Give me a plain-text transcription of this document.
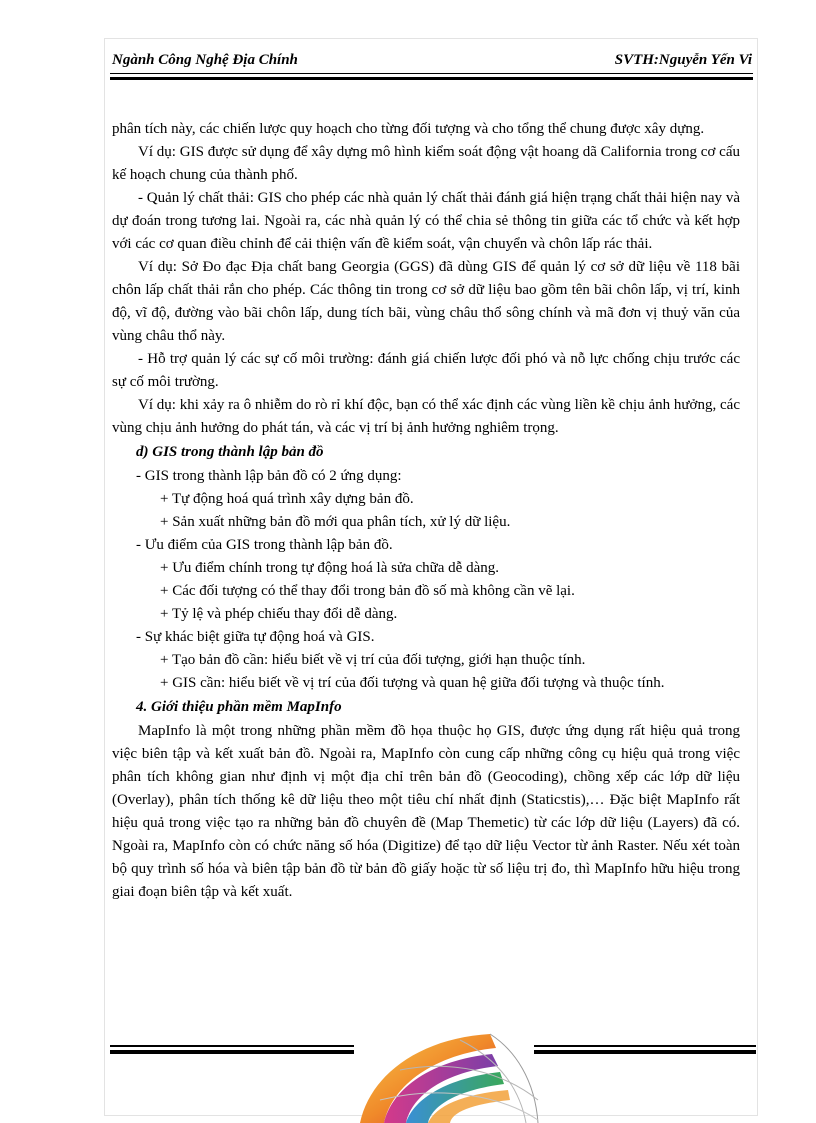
Ngành Công Nghệ Địa Chính	SVTH:Nguyễn Yến Vi

phân tích này, các chiến lược quy hoạch cho từng đối tượng và cho tổng thể chung được xây dựng.

Ví dụ: GIS được sử dụng để xây dựng mô hình kiểm soát động vật hoang dã California trong cơ cấu kế hoạch chung của thành phố.

- Quản lý chất thải: GIS cho phép các nhà quản lý chất thải đánh giá hiện trạng chất thải hiện nay và dự đoán trong tương lai. Ngoài ra, các nhà quản lý có thể chia sẻ thông tin giữa các tổ chức và kết hợp với các cơ quan điều chỉnh để cải thiện vấn đề kiểm soát, vận chuyển và chôn lấp rác thải.

Ví dụ: Sở Đo đạc Địa chất bang Georgia (GGS) đã dùng GIS để quản lý cơ sở dữ liệu về 118 bãi chôn lấp chất thải rắn cho phép. Các thông tin trong cơ sở dữ liệu bao gồm tên bãi chôn lấp, vị trí, kinh độ, vĩ độ, đường vào bãi chôn lấp, dung tích bãi, vùng châu thổ sông chính và mã đơn vị thuỷ văn của vùng châu thổ này.

- Hỗ trợ quản lý các sự cố môi trường: đánh giá chiến lược đối phó và nỗ lực chống chịu trước các sự cố môi trường.

Ví dụ: khi xảy ra ô nhiễm do rò rỉ khí độc, bạn có thể xác định các vùng liền kề chịu ảnh hưởng, các vùng chịu ảnh hưởng do phát tán, và các vị trí bị ảnh hưởng nghiêm trọng.

d) GIS trong thành lập bản đồ

- GIS trong thành lập bản đồ có 2 ứng dụng:

+ Tự động hoá quá trình xây dựng bản đồ.

+ Sản xuất những bản đồ mới qua phân tích, xử lý dữ liệu.

- Ưu điểm của GIS trong thành lập bản đồ.

+ Ưu điểm chính trong tự động hoá là sửa chữa dễ dàng.

+ Các đối tượng có thể thay đổi trong bản đồ số mà không cần vẽ lại.

+ Tỷ lệ và phép chiếu thay đổi dễ dàng.

- Sự khác biệt giữa tự động hoá và GIS.

+ Tạo bản đồ cần: hiểu biết về vị trí của đối tượng, giới hạn thuộc tính.

+ GIS cần: hiểu biết về vị trí của đối tượng và quan hệ giữa đối tượng và thuộc tính.

4. Giới thiệu phần mềm MapInfo

MapInfo là một trong những phần mềm đồ họa thuộc họ GIS, được ứng dụng rất hiệu quả trong việc biên tập và kết xuất bản đồ. Ngoài ra, MapInfo còn cung cấp những công cụ hiệu quả trong việc phân tích không gian như định vị một địa chỉ trên bản đồ (Geocoding), chồng xếp các lớp dữ liệu (Overlay), phân tích thống kê dữ liệu theo một tiêu chí nhất định (Staticstis),… Đặc biệt MapInfo rất hiệu quả trong việc tạo ra những bản đồ chuyên đề (Map Themetic) từ các lớp dữ liệu (Layers) đã có. Ngoài ra, MapInfo còn có chức năng số hóa (Digitize) để tạo dữ liệu Vector từ ảnh Raster. Nếu xét toàn bộ quy trình số hóa và biên tập bản đồ từ bản đồ giấy hoặc từ số liệu trị đo, thì MapInfo hữu hiệu trong giai đoạn biên tập và kết xuất.
